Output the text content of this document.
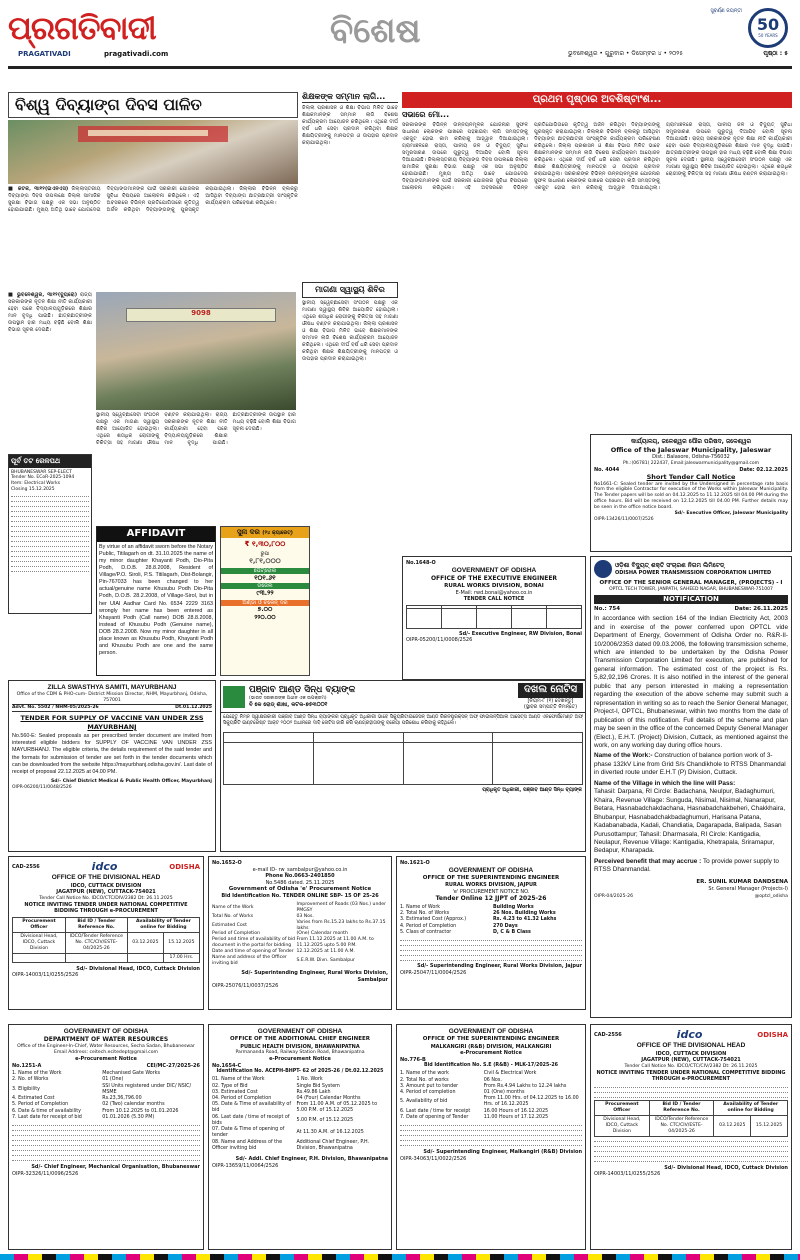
ପ୍ରଗତିବାଦୀ
PRAGATIVADI	pragativadi.com
ବିଶେଷ	50
50 YEARS
ସୁବର୍ଣ୍ଣ ଜୟନ୍ତୀ
ଭୁବନେଶ୍ୱର • ଗୁରୁବାର • ଡିସେମ୍ବର ୪ • ୨୦୨୫	ପୃଷ୍ଠା : ୫
ବିଶ୍ୱ ଦିବ୍ୟାଙ୍ଗ ଦିବସ ପାଳିତ
■ କଟକ, ୩ା୧୨(ଇଏନଏସ) ଜିଲ୍ଲାସ୍ତରୀୟ ଦିବ୍ୟାଙ୍ଗ ଦିବସ ଉପଲକ୍ଷେ ଜିଲ୍ଲା ସାମାଜିକ ସୁରକ୍ଷା ବିଭାଗ ପକ୍ଷରୁ ଏକ ସଭା ଅନୁଷ୍ଠିତ ହୋଇଯାଇଛି। ମୁଖ୍ୟ ଅତିଥି ଭାବେ ଯୋଗଦେଇ ଦିବ୍ୟାଙ୍ଗମାନଙ୍କ ପାଇଁ ସରକାରୀ ଯୋଜନାର ସୁବିଧା ବିଷୟରେ ଆଲୋଚନା କରିଥିଲେ। ଏହି ଅବସରରେ ବିଭିନ୍ନ ପ୍ରତିଯୋଗିତାରେ କୃତିତ୍ୱ ଅର୍ଜନ କରିଥିବା ଦିବ୍ୟାଙ୍ଗଙ୍କୁ ପୁରସ୍କୃତ କରାଯାଇଥିଲା। ଜିଲ୍ଲାର ବିଭିନ୍ନ ବ୍ଲକରୁ ଆସିଥିବା ଦିବ୍ୟାଙ୍ଗ ଛାତ୍ରଛାତ୍ରୀ ସାଂସ୍କୃତିକ କାର୍ଯ୍ୟକ୍ରମ ପରିବେଷଣ କରିଥିଲେ।
■ ଭୁବନେଶ୍ୱର, ୩ା୧୨(ବ୍ୟୁରୋ) ରାଜ୍ୟ ସରକାରଙ୍କ ନୂତନ ଶିକ୍ଷା ନୀତି କାର୍ଯ୍ୟକାରୀ ହେବା ପରେ ବିଦ୍ୟାଳୟଗୁଡ଼ିକରେ ଶିକ୍ଷାର ମାନ ବୃଦ୍ଧି ପାଇଛି। ଛାତ୍ରଛାତ୍ରୀଙ୍କ ଉପସ୍ଥାନ ହାର ମଧ୍ୟ ବଢ଼ିଛି ବୋଲି ଶିକ୍ଷା ବିଭାଗ ସୂଚନା ଦେଇଛି।
ପୂର୍ବ ତଟ ରେଳପଥ
BHUBANESWAR SEP-ELECT
Tender No. ECoR-2025-1094
Item: Electrical Works
Closing 15.12.2025
9098
ସ୍ଥାନୀୟ ସ୍ୱେଚ୍ଛାସେବୀ ସଂଗଠନ ପକ୍ଷରୁ ଏକ ମାଗଣା ସ୍ୱାସ୍ଥ୍ୟ ଶିବିର ଆୟୋଜିତ ହୋଇଥିଲା। ଏଥିରେ ଶତାଧିକ ରୋଗୀଙ୍କୁ ଚିକିତ୍ସା ସହ ମାଗଣା ଔଷଧ ବଣ୍ଟନ କରାଯାଇଥିଲା। ରାଜ୍ୟ ସରକାରଙ୍କ ନୂତନ ଶିକ୍ଷା ନୀତି କାର୍ଯ୍ୟକାରୀ ହେବା ପରେ ବିଦ୍ୟାଳୟଗୁଡ଼ିକରେ ଶିକ୍ଷାର ମାନ ବୃଦ୍ଧି ପାଇଛି। ଛାତ୍ରଛାତ୍ରୀଙ୍କ ଉପସ୍ଥାନ ହାର ମଧ୍ୟ ବଢ଼ିଛି ବୋଲି ଶିକ୍ଷା ବିଭାଗ ସୂଚନା ଦେଇଛି।
AFFIDAVIT
By virtue of an affidavit sworn before the Notary Public, Titilagarh on dt. 31.10.2025 the name of my minor daughter Khayanti Podh, Dio-Pita Podh, D.O.B. 28.8.2008, Resident of Village/P.O. Siroli, P.S. Titilagarh, Dist-Bolangir, Pin-767033 has been changed to her actual/genuine name Khusubu Podh Dio-Pita Podh, D.O.B. 28.2.2008, of Village-Sirol, but in her UIAI Aadhar Card No. 6534 2229 3163 wrongly her name has been entered as Khayanti Podh (Call name) DOB 28.8.2008, instead of Khusubu Podh (Genuine name), DOB 28.2.2008. Now my minor daughter in all place known as Khusubu Podh, Khayanti Podh and Khusubu Podh are one and the same person.
ସୁନା ଦର (୨୪ କ୍ୟାରେଟ୍)
₹ ୧,୩୦,୮୦୦
ରୁପା
୧,୮୧,୦୦୦
ପେଟ୍ରୋଲ
୧୦୧.୬୧
ଡିଜେଲ
୯୩.୨୨
ଅଣ୍ଡା ଓ ଚିକେନ୍ ଦର
୭.୦୦
୨୨୦.୦୦
ଶିକ୍ଷକଙ୍କ ସମ୍ମାନ ଲାଗି...
ଜିଲ୍ଲା ପ୍ରଶାସନ ଓ ଶିକ୍ଷା ବିଭାଗ ମିଳିତ ଭାବେ ଶିକ୍ଷକମାନଙ୍କ ସମ୍ମାନ ଲାଗି ବିଶେଷ କାର୍ଯ୍ୟକ୍ରମ ଆୟୋଜନ କରିଥିଲେ। ଏଥିରେ ଦୀର୍ଘ ବର୍ଷ ଧରି ସେବା ପ୍ରଦାନ କରିଥିବା ଶିକ୍ଷକ ଶିକ୍ଷୟିତ୍ରୀଙ୍କୁ ମାନପତ୍ର ଓ ଉପହାର ପ୍ରଦାନ କରାଯାଇଥିଲା।
ମାଗଣା ସ୍ୱାସ୍ଥ୍ୟ ଶିବିର
ସ୍ଥାନୀୟ ସ୍ୱେଚ୍ଛାସେବୀ ସଂଗଠନ ପକ୍ଷରୁ ଏକ ମାଗଣା ସ୍ୱାସ୍ଥ୍ୟ ଶିବିର ଆୟୋଜିତ ହୋଇଥିଲା। ଏଥିରେ ଶତାଧିକ ରୋଗୀଙ୍କୁ ଚିକିତ୍ସା ସହ ମାଗଣା ଔଷଧ ବଣ୍ଟନ କରାଯାଇଥିଲା। ଜିଲ୍ଲା ପ୍ରଶାସନ ଓ ଶିକ୍ଷା ବିଭାଗ ମିଳିତ ଭାବେ ଶିକ୍ଷକମାନଙ୍କ ସମ୍ମାନ ଲାଗି ବିଶେଷ କାର୍ଯ୍ୟକ୍ରମ ଆୟୋଜନ କରିଥିଲେ। ଏଥିରେ ଦୀର୍ଘ ବର୍ଷ ଧରି ସେବା ପ୍ରଦାନ କରିଥିବା ଶିକ୍ଷକ ଶିକ୍ଷୟିତ୍ରୀଙ୍କୁ ମାନପତ୍ର ଓ ଉପହାର ପ୍ରଦାନ କରାଯାଇଥିଲା।
ପ୍ରଥମ ପୃଷ୍ଠାର ଅବଶିଷ୍ଟାଂଶ...
ସଭାରେ ମୋ...
ସରକାରଙ୍କ ବିଭିନ୍ନ ଉନ୍ନୟନମୂଳକ ଯୋଜନାର ସୁଫଳ ସାଧାରଣ ଲୋକଙ୍କ ପାଖରେ ପହଞ୍ଚାଇବା ଲାଗି ସମସ୍ତଙ୍କୁ ଏକଜୁଟ ହୋଇ କାମ କରିବାକୁ ଆହ୍ୱାନ ଦିଆଯାଇଥିଲା। ଗ୍ରାମାଞ୍ଚଳରେ ରାସ୍ତା, ପାନୀୟ ଜଳ ଓ ବିଦ୍ୟୁତ୍ ସୁବିଧା ସମ୍ପ୍ରସାରଣ ଉପରେ ଗୁରୁତ୍ୱ ଦିଆଯିବ ବୋଲି ସୂଚନା ଦିଆଯାଇଛି। ଜିଲ୍ଲାସ୍ତରୀୟ ଦିବ୍ୟାଙ୍ଗ ଦିବସ ଉପଲକ୍ଷେ ଜିଲ୍ଲା ସାମାଜିକ ସୁରକ୍ଷା ବିଭାଗ ପକ୍ଷରୁ ଏକ ସଭା ଅନୁଷ୍ଠିତ ହୋଇଯାଇଛି। ମୁଖ୍ୟ ଅତିଥି ଭାବେ ଯୋଗଦେଇ ଦିବ୍ୟାଙ୍ଗମାନଙ୍କ ପାଇଁ ସରକାରୀ ଯୋଜନାର ସୁବିଧା ବିଷୟରେ ଆଲୋଚନା କରିଥିଲେ। ଏହି ଅବସରରେ ବିଭିନ୍ନ ପ୍ରତିଯୋଗିତାରେ କୃତିତ୍ୱ ଅର୍ଜନ କରିଥିବା ଦିବ୍ୟାଙ୍ଗଙ୍କୁ ପୁରସ୍କୃତ କରାଯାଇଥିଲା। ଜିଲ୍ଲାର ବିଭିନ୍ନ ବ୍ଲକରୁ ଆସିଥିବା ଦିବ୍ୟାଙ୍ଗ ଛାତ୍ରଛାତ୍ରୀ ସାଂସ୍କୃତିକ କାର୍ଯ୍ୟକ୍ରମ ପରିବେଷଣ କରିଥିଲେ। ଜିଲ୍ଲା ପ୍ରଶାସନ ଓ ଶିକ୍ଷା ବିଭାଗ ମିଳିତ ଭାବେ ଶିକ୍ଷକମାନଙ୍କ ସମ୍ମାନ ଲାଗି ବିଶେଷ କାର୍ଯ୍ୟକ୍ରମ ଆୟୋଜନ କରିଥିଲେ। ଏଥିରେ ଦୀର୍ଘ ବର୍ଷ ଧରି ସେବା ପ୍ରଦାନ କରିଥିବା ଶିକ୍ଷକ ଶିକ୍ଷୟିତ୍ରୀଙ୍କୁ ମାନପତ୍ର ଓ ଉପହାର ପ୍ରଦାନ କରାଯାଇଥିଲା। ସରକାରଙ୍କ ବିଭିନ୍ନ ଉନ୍ନୟନମୂଳକ ଯୋଜନାର ସୁଫଳ ସାଧାରଣ ଲୋକଙ୍କ ପାଖରେ ପହଞ୍ଚାଇବା ଲାଗି ସମସ୍ତଙ୍କୁ ଏକଜୁଟ ହୋଇ କାମ କରିବାକୁ ଆହ୍ୱାନ ଦିଆଯାଇଥିଲା। ଗ୍ରାମାଞ୍ଚଳରେ ରାସ୍ତା, ପାନୀୟ ଜଳ ଓ ବିଦ୍ୟୁତ୍ ସୁବିଧା ସମ୍ପ୍ରସାରଣ ଉପରେ ଗୁରୁତ୍ୱ ଦିଆଯିବ ବୋଲି ସୂଚନା ଦିଆଯାଇଛି। ରାଜ୍ୟ ସରକାରଙ୍କ ନୂତନ ଶିକ୍ଷା ନୀତି କାର୍ଯ୍ୟକାରୀ ହେବା ପରେ ବିଦ୍ୟାଳୟଗୁଡ଼ିକରେ ଶିକ୍ଷାର ମାନ ବୃଦ୍ଧି ପାଇଛି। ଛାତ୍ରଛାତ୍ରୀଙ୍କ ଉପସ୍ଥାନ ହାର ମଧ୍ୟ ବଢ଼ିଛି ବୋଲି ଶିକ୍ଷା ବିଭାଗ ସୂଚନା ଦେଇଛି। ସ୍ଥାନୀୟ ସ୍ୱେଚ୍ଛାସେବୀ ସଂଗଠନ ପକ୍ଷରୁ ଏକ ମାଗଣା ସ୍ୱାସ୍ଥ୍ୟ ଶିବିର ଆୟୋଜିତ ହୋଇଥିଲା। ଏଥିରେ ଶତାଧିକ ରୋଗୀଙ୍କୁ ଚିକିତ୍ସା ସହ ମାଗଣା ଔଷଧ ବଣ୍ଟନ କରାଯାଇଥିଲା।
କାର୍ଯ୍ୟାଳୟ, ଜଳେଶ୍ୱର ପୌର ପରିଷଦ, ଜଳେଶ୍ୱର
Office of the Jaleswar Municipality, Jaleswar
Dist.: Balasore, Odisha-756032
Ph.:(06781) 222437, Email:jaleswarmunicipality@gmail.com
No. 4044	Date: 02.12.2025
Short Tender Call Notice
No1661-C: Sealed tender are invited by the Undersigned in percentage rate basis from the eligible Contractor for execution of the Works within Jaleswar Municipality. The Tender papers will be sold on 04.12.2025 to 11.12.2025 till 04.00 PM during the office hours. Bid will be received on 12.12.2025 till 04.00 PM. Further details may be seen in the office notice board.
Sd/- Executive Officer, Jaleswar Municipality
OIPR-13426/11/0007/2526
ଓଡ଼ିଶା ବିଦ୍ୟୁତ୍ ଶକ୍ତି ସଂଚାରଣ ନିଗମ ଲିମିଟେଡ୍
ODISHA POWER TRANSMISSION CORPORATION LIMITED
OFFICE OF THE SENIOR GENERAL MANAGER, (PROJECTS) - I
OPTCL TECH TOWER, JANPATH, SAHEED NAGAR, BHUBANESWAR-751007
NOTIFICATION
No.: 754	Date: 26.11.2025
In accordance with section 164 of the Indian Electricity Act, 2003 and in exercise of the power conferred upon OPTCL vide Department of Energy, Government of Odisha Order no. R&R-II-10/2006/2353 dated 09.03.2006, the following transmission scheme, which are intended to be undertaken by the Odisha Power Transmission Corporation Limited for execution, are published for general information. The estimated cost of the project is Rs. 5,82,92,196 Crores. It is also notified in the interest of the general public that any person interested in making a representation regarding the execution of the above scheme may submit such a representation in writing so as to reach the Senior General Manager, Project-I, OPTCL, Bhubaneswar, within two months from the date of publication of this notification. Full details of the scheme and plan may be seen in the office of the concerned Deputy General Manager (Elect.), E.H.T. (Project) Division, Cuttack, as mentioned against the work, on any working day during office hours.
Name of the Work:- Construction of balance portion work of 3-phase 132kV Line from Grid S/s Chandikhole to RTSS Dhanmandal in diverted route under E.H.T (P) Division, Cuttack.
Name of the Village in which the line will Pass:
Tahasil: Darpana, RI Circle: Badachana, Neulpur, Badaghumuri, Khaira, Revenue Village: Sunguda, Nisimal, Nisimal, Nanarapur, Betara, Hasnabadchakdachana, Hasnabadchakbeheri, Chakkhaira, Bhubanpur, Hasnabadchakbadaghumuri, Harisana Patana, Kadabanabada, Kadali, Chandiatia, Dagarapada, Balipada, Sasan Purusottampur; Tahasil: Dharmasala, RI Circle: Kantigadia, Neulapur, Revenue Village: Kantigadia, Khetrapala, Sriramapur, Bedapur, Kharapada.
Perceived benefit that may accrue : To provide power supply to RTSS Dhanmandal.
ER. SUNIL KUMAR DANDSENA
Sr. General Manager (Projects-I)
OIPR-04/2025-26	@optcl_odisha
No.1648-O
GOVERNMENT OF ODISHA
OFFICE OF THE EXECUTIVE ENGINEER
RURAL WORKS DIVISION, BONAI
E-Mail: rwd.bonai@yahoo.co.in
TENDER CALL NOTICE

Sd/- Executive Engineer, RW Division, Bonai
OIPR-05200/11/0008/2526
ପଞ୍ଜାବ ଆଣ୍ଡ ସିନ୍ଧ ବ୍ୟାଙ୍କ
(ଭାରତ ସରକାରଙ୍କ ଅଧୀନ ଏକ ଉପକ୍ରମ)
ବି କେ ରୋଡ୍ ଶାଖା, କଟକ-୭୫୩୦୦୧
ଦଖଲ ନୋଟିସ
[ନିୟମ-୮ (୧) ଦେଖନ୍ତୁ]
(ସ୍ଥାବର ସମ୍ପତ୍ତି ନିମନ୍ତେ)
ଯେହେତୁ ନିମ୍ନ ସ୍ୱାକ୍ଷରକାରୀ ପଞ୍ଜାବ ଆଣ୍ଡ ସିନ୍ଧ ବ୍ୟାଙ୍କର ପ୍ରାଧିକୃତ ଅଧିକାରୀ ଭାବେ ସିକ୍ୟୁରିଟାଇଜେସନ୍ ଆଣ୍ଡ ରିକନଷ୍ଟ୍ରକ୍ସନ୍ ଅଫ୍ ଫାଇନାନ୍ସିଆଲ ଆସେଟ୍ସ ଆଣ୍ଡ ଏନଫୋର୍ସମେଣ୍ଟ ଅଫ୍ ସିକ୍ୟୁରିଟି ଇଣ୍ଟରେଷ୍ଟ ଆକ୍ଟ ୨୦୦୨ ଅଧୀନରେ ଦାବି ନୋଟିସ ଜାରି କରି ଋଣଗ୍ରହୀତାଙ୍କୁ ବକେୟା ପରିଶୋଧ କରିବାକୁ କହିଥିଲେ।

ପ୍ରାଧିକୃତ ଅଧିକାରୀ, ପଞ୍ଜାବ ଆଣ୍ଡ ସିନ୍ଧ ବ୍ୟାଙ୍କ
ZILLA SWASTHYA SAMITI, MAYURBHANJ
Office of the CDM & PHO-cum- District Mission Director, NHM, Mayurbhanj, Odisha, 757001
Advt. No. 5502 / NHM-05/2025-26	Dt.01.12.2025
TENDER FOR SUPPLY OF VACCINE VAN UNDER ZSS MAYURBHANJ
No.560-E: Sealed proposals as per prescribed tender document are invited from interested eligible bidders for SUPPLY OF VACCINE VAN UNDER ZSS MAYURBHANJ. The eligible criteria, the details requirement of the said tender and the formats for submission of tender are set forth in the tender documents which can be downloaded from the website https://mayurbhanj.odisha.gov.in/. Last date of receipt of proposal 22.12.2025 at 04.00 PM.
Sd/- Chief District Medical & Public Health Officer, Mayurbhanj
OIPR-06200/11/0048/2526
CAD-2556	idco	ODISHA
OFFICE OF THE DIVISIONAL HEAD
IDCO, CUTTACK DIVISION
JAGATPUR (NEW), CUTTACK-754021
Tender Call Notice No. IDCO/CTC/DIV/2382 Dt: 26.11.2025
NOTICE INVITING TENDER UNDER NATIONAL COMPETITIVE BIDDING THROUGH e-PROCUREMENT
Procurement Officer	Bid ID / Tender Reference No.	Availability of Tender online for Bidding	
Divisional Head, IDCO, Cuttack Division	IDCO/Tender Reference No. CTC/CIV/ESTE-04/2025-26	03.12.2025	15.12.2025
			17.00 Hrs.
Sd/- Divisional Head, IDCO, Cuttack Division
OIPR-14003/11/0255/2526
No.1652-O
e-mail ID- rw_sambalpur@yahoo.co.in
Phone No.0663-2401850
No.5486 dated. 25.11.2025
Government of Odisha 'e' Procurement Notice
Bid Identification No. TENDER ONLINE SBP- 15 OF 25-26
Name of the Work	Improvement of Roads (03 Nos.) under PMGSY
Total No. of Works	03 Nos.
Estimated Cost	Varies from Rs.15.23 lakhs to Rs.37.15 lakhs
Period of Completion	(One) Calendar month
Period and time of availability of bid document in the portal for bidding	From 11.12.2025 at 11.00 A.M. to 11.12.2025 upto 5.00 P.M.
Date and time of opening of Tender	12.12.2025 at 11.00 A.M.
Name and address of the Officer inviting bid	S.E.R.W. Divn. Sambalpur
Sd/- Superintending Engineer, Rural Works Division, Sambalpur
OIPR-25076/11/0037/2526
No.1621-O
GOVERNMENT OF ODISHA
OFFICE OF THE SUPERINTENDING ENGINEER
RURAL WORKS DIVISION, JAJPUR
'e' PROCUREMENT NOTICE NO.
Tender Online 12 JJPT of 2025-26
1. Name of Work	Building Works
2. Total No. of Works	26 Nos. Building Works
3. Estimated Cost (Approx.)	Rs. 4.23 to 41.32 Lakhs
4. Period of Completion	270 Days
5. Class of contractor	D, C & B Class
Sd/- Superintending Engineer, Rural Works Division, Jajpur
OIPR-25047/11/0004/2526
GOVERNMENT OF ODISHA
DEPARTMENT OF WATER RESOURCES
Office of the Engineer-In-Chief, Water Resources, Secha Sadan, Bhubaneswar
Email Address: ceitech.ecitedept@gmail.com
e-Procurement Notice
No.1251-A	CEI/MC-27/2025-26
1. Name of the Work	Mechanised Gate Works
2. No. of Works	01 (One)
3. Eligibility	SSI Units registered under DIC/ NSIC/ MSME
4. Estimated Cost	Rs.23,36,796.00
5. Period of Completion	02 (Two) calendar months
6. Date & time of availability	From 10.12.2025 to 01.01.2026
7. Last date for receipt of bid	01.01.2026 (5.30 PM)
Sd/- Chief Engineer, Mechanical Organisation, Bhubaneswar
OIPR-32326/11/0096/2526
GOVERNMENT OF ODISHA
OFFICE OF THE ADDITIONAL CHIEF ENGINEER
PUBLIC HEALTH DIVISION, BHAWANIPATNA
Parmananda Road, Railway Station Road, Bhawanipatna
e-Procurement Notice
No.1654-C
Identification No. ACEPH-BHPT- 62 of 2025-26 / Dt.02.12.2025
01. Name of the Work	1 No. Work
02. Type of Bid	Single Bid System
03. Estimated Cost	Rs.49.86 Lakh
04. Period of Completion	04 (Four) Calendar Months
05. Date & Time of availability of bid	From 11.00 A.M. of 05.12.2025 to 5.00 P.M. of 15.12.2025
06. Last date / time of receipt of bids	5.00 P.M. of 15.12.2025
07. Date & Time of opening of tender	At 11.30 A.M. of 16.12.2025
08. Name and Address of the Officer inviting bid	Additional Chief Engineer, P.H. Division, Bhawanipatna
Sd/- Addl. Chief Engineer, P.H. Division, Bhawanipatna
OIPR-13659/11/0064/2526
GOVERNMENT OF ODISHA
OFFICE OF THE SUPERINTENDING ENGINEER
MALKANGIRI (R&B) DIVISION, MALKANGIRI
e-Procurement Notice
No.776-B
Bid Identification No. S.E (R&B) - MLK-17/2025-26
1. Name of the work	Civil & Electrical Work
2. Total No. of works	06 Nos.
3. Amount put to tender	From Rs.4.94 Lakhs to 12.24 lakhs
4. Period of completion	01 (One) months
5. Availability of bid	From 11.00 Hrs. of 04.12.2025 to 16.00 Hrs. of 16.12.2025
6. Last date / time for receipt	16.00 Hours of 16.12.2025
7. Date of opening of Tender	11.00 Hours of 17.12.2025
Sd/- Superintending Engineer, Malkangiri (R&B) Division
OIPR-34063/11/0022/2526
CAD-2556	idco	ODISHA
OFFICE OF THE DIVISIONAL HEAD
IDCO, CUTTACK DIVISION
JAGATPUR (NEW), CUTTACK-754021
Tender Call Notice No. IDCO/CTC/CIV/2382 Dt: 26.11.2025
NOTICE INVITING TENDER UNDER NATIONAL COMPETITIVE BIDDING THROUGH e-PROCUREMENT
Procurement Officer	Bid ID / Tender Reference No.	Availability of Tender online for Bidding	
Divisional Head, IDCO, Cuttack Division	IDCO/Tender Reference No. CTC/CIV/ESTE-04/2025-26	03.12.2025	15.12.2025
Sd/- Divisional Head, IDCO, Cuttack Division
OIPR-14003/11/0255/2526
